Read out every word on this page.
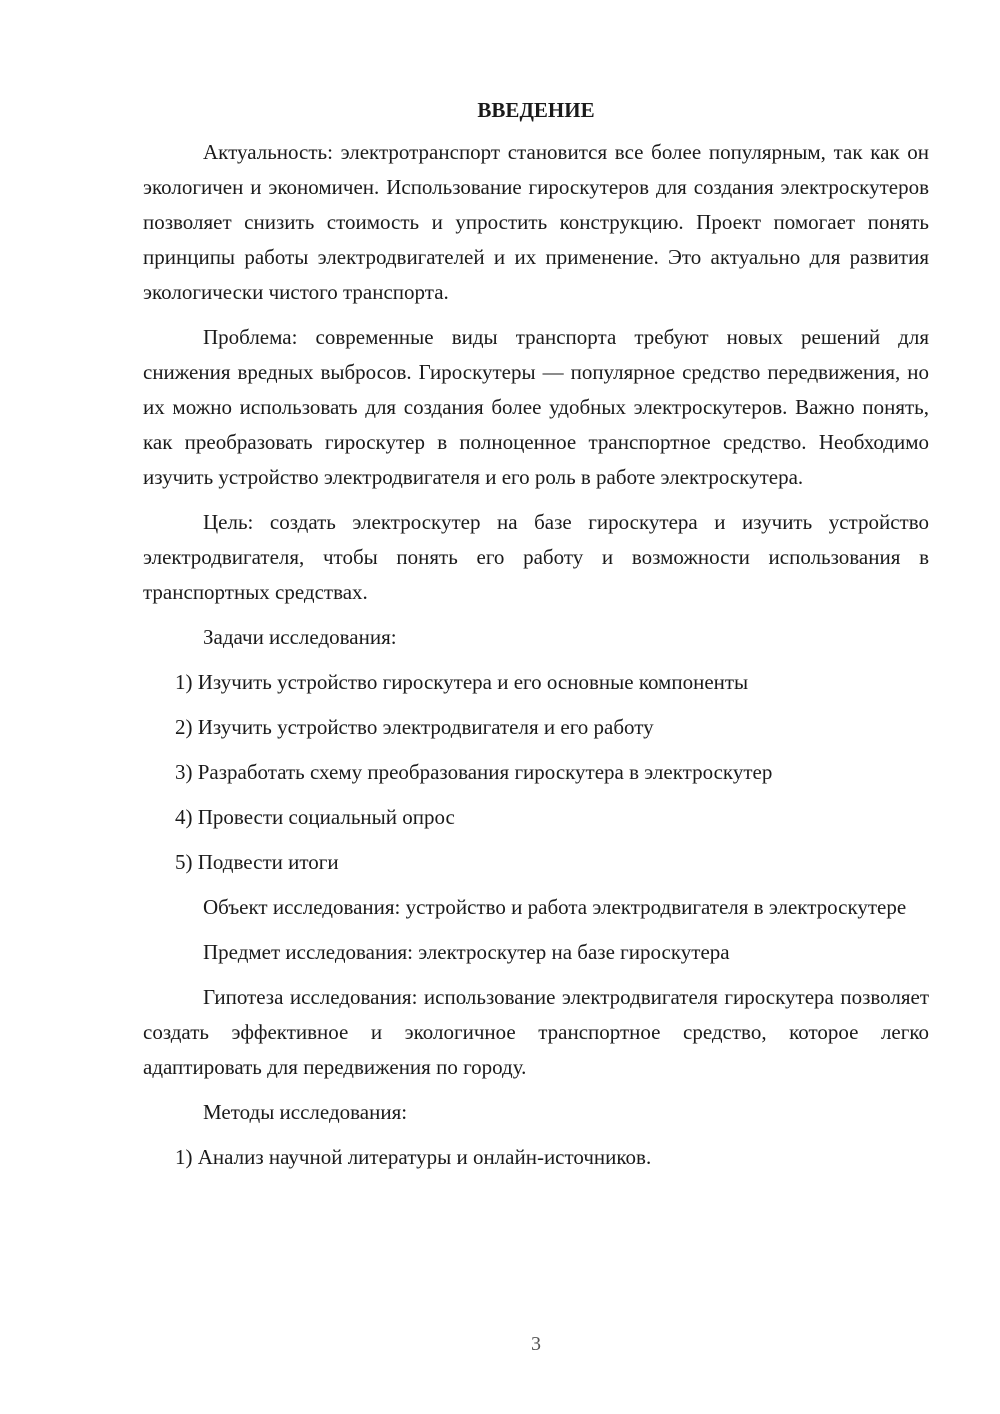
ВВЕДЕНИЕ

Актуальность: электротранспорт становится все более популярным, так как он экологичен и экономичен. Использование гироскутеров для создания электроскутеров позволяет снизить стоимость и упростить конструкцию. Проект помогает понять принципы работы электродвигателей и их применение. Это актуально для развития экологически чистого транспорта.

Проблема: современные виды транспорта требуют новых решений для снижения вредных выбросов. Гироскутеры — популярное средство передвижения, но их можно использовать для создания более удобных электроскутеров. Важно понять, как преобразовать гироскутер в полноценное транспортное средство. Необходимо изучить устройство электродвигателя и его роль в работе электроскутера.

Цель: создать электроскутер на базе гироскутера и изучить устройство электродвигателя, чтобы понять его работу и возможности использования в транспортных средствах.

Задачи исследования:

1) Изучить устройство гироскутера и его основные компоненты

2) Изучить устройство электродвигателя и его работу

3) Разработать схему преобразования гироскутера в электроскутер

4) Провести социальный опрос

5) Подвести итоги

Объект исследования: устройство и работа электродвигателя в электроскутере

Предмет исследования: электроскутер на базе гироскутера

Гипотеза исследования: использование электродвигателя гироскутера позволяет создать эффективное и экологичное транспортное средство, которое легко адаптировать для передвижения по городу.

Методы исследования:

1) Анализ научной литературы и онлайн-источников.

3
